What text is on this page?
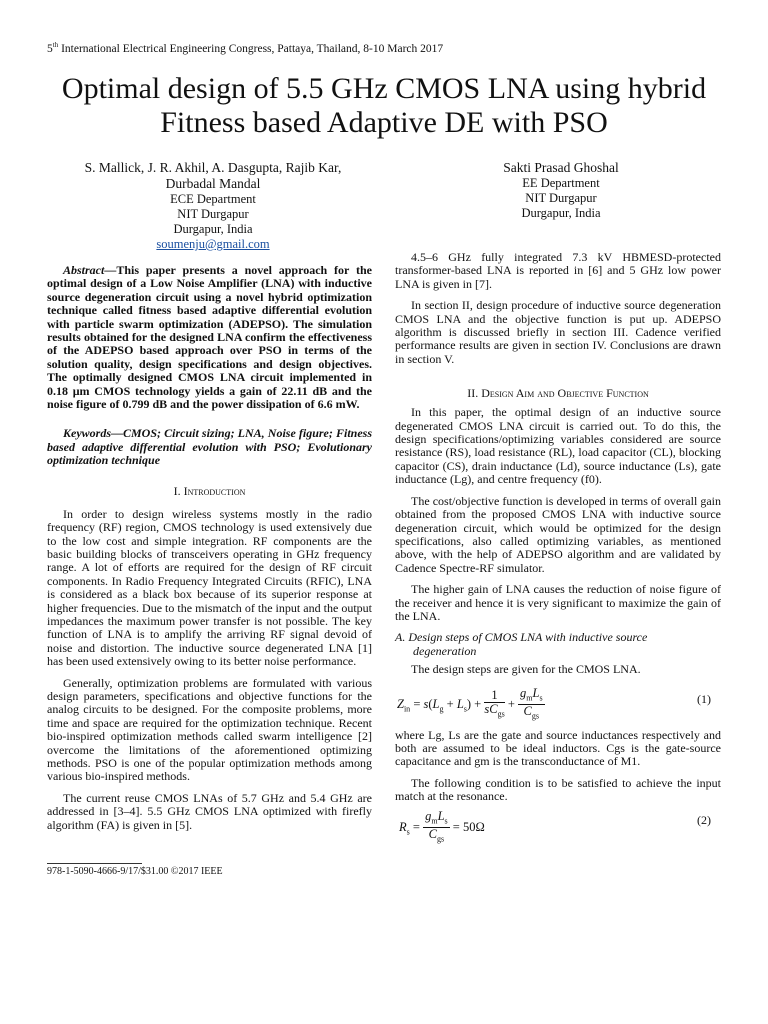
5th International Electrical Engineering Congress, Pattaya, Thailand, 8-10 March 2017
Optimal design of 5.5 GHz CMOS LNA using hybrid
Fitness based Adaptive DE with PSO
S. Mallick, J. R. Akhil, A. Dasgupta, Rajib Kar,
Durbadal Mandal
ECE Department
NIT Durgapur
Durgapur, India
soumenju@gmail.com
Sakti Prasad Ghoshal
EE Department
NIT Durgapur
Durgapur, India

Abstract—This paper presents a novel approach for the optimal design of a Low Noise Amplifier (LNA) with inductive source degeneration circuit using a novel hybrid optimization technique called fitness based adaptive differential evolution with particle swarm optimization (ADEPSO). The simulation results obtained for the designed LNA confirm the effectiveness of the ADEPSO based approach over PSO in terms of the solution quality, design specifications and design objectives. The optimally designed CMOS LNA circuit implemented in 0.18 μm CMOS technology yields a gain of 22.11 dB and the noise figure of 0.799 dB and the power dissipation of 6.6 mW.

Keywords—CMOS; Circuit sizing; LNA, Noise figure; Fitness based adaptive differential evolution with PSO; Evolutionary optimization technique

I. Introduction

In order to design wireless systems mostly in the radio frequency (RF) region, CMOS technology is used extensively due to the low cost and simple integration. RF components are the basic building blocks of transceivers operating in GHz frequency range. A lot of efforts are required for the design of RF circuit components. In Radio Frequency Integrated Circuits (RFIC), LNA is considered as a black box because of its superior response at higher frequencies. Due to the mismatch of the input and the output impedances the maximum power transfer is not possible. The key function of LNA is to amplify the arriving RF signal devoid of noise and distortion. The inductive source degenerated LNA [1] has been used extensively owing to its better noise performance.

Generally, optimization problems are formulated with various design parameters, specifications and objective functions for the analog circuits to be designed. For the composite problems, more time and space are required for the optimization technique. Recent bio-inspired optimization methods called swarm intelligence [2] overcome the limitations of the aforementioned optimizing methods. PSO is one of the popular optimization methods among various bio-inspired methods.

The current reuse CMOS LNAs of 5.7 GHz and 5.4 GHz are addressed in [3–4]. 5.5 GHz CMOS LNA optimized with firefly algorithm (FA) is given in [5].

978-1-5090-4666-9/17/$31.00 ©2017 IEEE

4.5–6 GHz fully integrated 7.3 kV HBMESD-protected transformer-based LNA is reported in [6] and 5 GHz low power LNA is given in [7].

In section II, design procedure of inductive source degeneration CMOS LNA and the objective function is put up. ADEPSO algorithm is discussed briefly in section III. Cadence verified performance results are given in section IV. Conclusions are drawn in section V.

II. Design Aim and Objective Function

In this paper, the optimal design of an inductive source degenerated CMOS LNA circuit is carried out. To do this, the design specifications/optimizing variables considered are source resistance (RS), load resistance (RL), load capacitor (CL), blocking capacitor (CS), drain inductance (Ld), source inductance (Ls), gate inductance (Lg), and centre frequency (f0).

The cost/objective function is developed in terms of overall gain obtained from the proposed CMOS LNA with inductive source degeneration circuit, which would be optimized for the design specifications, also called optimizing variables, as mentioned above, with the help of ADEPSO algorithm and are validated by Cadence Spectre-RF simulator.

The higher gain of LNA causes the reduction of noise figure of the receiver and hence it is very significant to maximize the gain of the LNA.

A. Design steps of CMOS LNA with inductive source
degeneration

The design steps are given for the CMOS LNA.

$Z_{in} = s(L_g + L_s) + \frac{1}{sC_{gs}} + \frac{g_mL_s}{C_{gs}}$	(1)

where Lg, Ls are the gate and source inductances respectively and both are assumed to be ideal inductors. Cgs is the gate-source capacitance and gm is the transconductance of M1.

The following condition is to be satisfied to achieve the input match at the resonance.

$R_s = \frac{g_mL_s}{C_{gs}} = 50\Omega$	(2)
